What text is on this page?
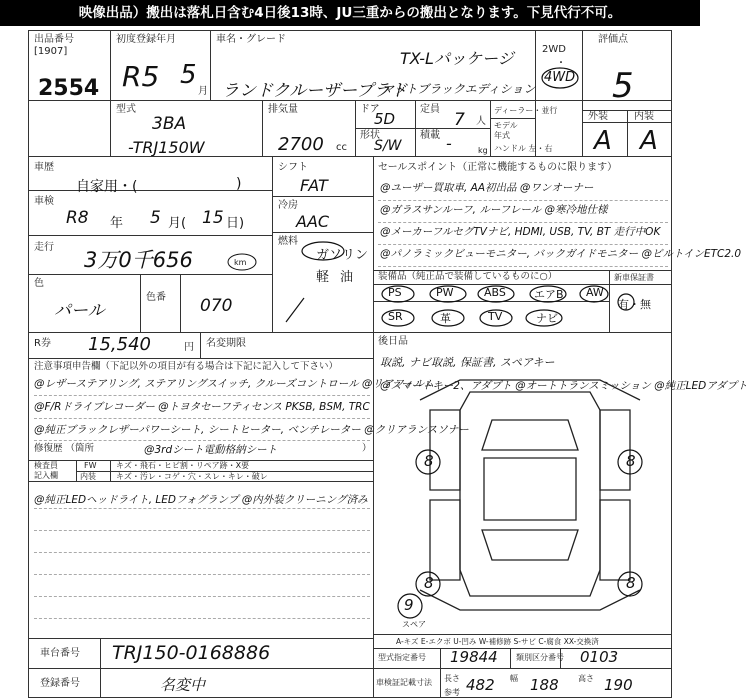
映像出品）搬出は落札日含む4日後13時、JU三重からの搬出となります。下見代行不可。
出品番号
[1907]
2554
初度登録年月
R5 5
月
車名・グレード
TX-Lパッケージ
ランドクルーザープラド
マットブラックエディション
2WD
・
4WD
評価点
5
外装	内装
A A
型式
3BA
-TRJ150W
排気量
2700 cc
ドア
5D
形状
S/W
定員
7 人
積載 -	kg
ディーラー・並行
モデル
年式
ハンドル 左・右
車歴
自家用・(	)
車検
R8 年 5 月( 15 日)
走行
3万0千656	km
色
パール
色番 070
シフト
FAT
冷房
AAC
燃料
ガソリン
軽 油
セールスポイント（正常に機能するものに限ります）
@ユーザー買取車, AA初出品 @ワンオーナー
@ガラスサンルーフ, ルーフレール @寒冷地仕様
@メーカーフルセグTVナビ, HDMI, USB, TV, BT 走行中OK
@パノラミックビューモニター, バックガイドモニター @ビルトインETC2.0
装備品（純正品で装備しているものに○）	新車保証書
PS	PW	ABS	エアB AW
SR	革	TV	ナビ
有・無
R券 15,540	円 名変期限	後日品
取説, ナビ取説, 保証書, スペアキー
@スマートキー2、アダプト @オートトランスミッション @純正LEDアダプト
注意事項申告欄（下記以外の項目が有る場合は下記に記入して下さい）
@レザーステアリング, ステアリングスイッチ, クルーズコントロール @リアフィルム
@F/Rドライブレコーダー @トヨタセーフティセンス PKSB, BSM, TRC
@純正ブラックレザーパワーシート, シートヒーター, ベンチレーター @クリアランスソナー
修復歴 （箇所	@3rdシート電動格納シート	）
検査員
記入欄
FW キズ・飛石・ヒビ割・リペア跡・X要
内装	キズ・汚レ・コゲ・穴・スレ・キレ・破レ
@純正LEDヘッドライト, LEDフォグランプ @内外装クリーニング済み
8	8
8	8
9
スペア
A-キズ E-エクボ U-凹み W-補修跡 S-サビ C-腐食 XX-交換済
車台番号 TRJ150-0168886
登録番号	名変中
型式指定番号	類別区分番号
19844	0103
車検証記載寸法 長さ 482 幅 188 高さ 190
参考
